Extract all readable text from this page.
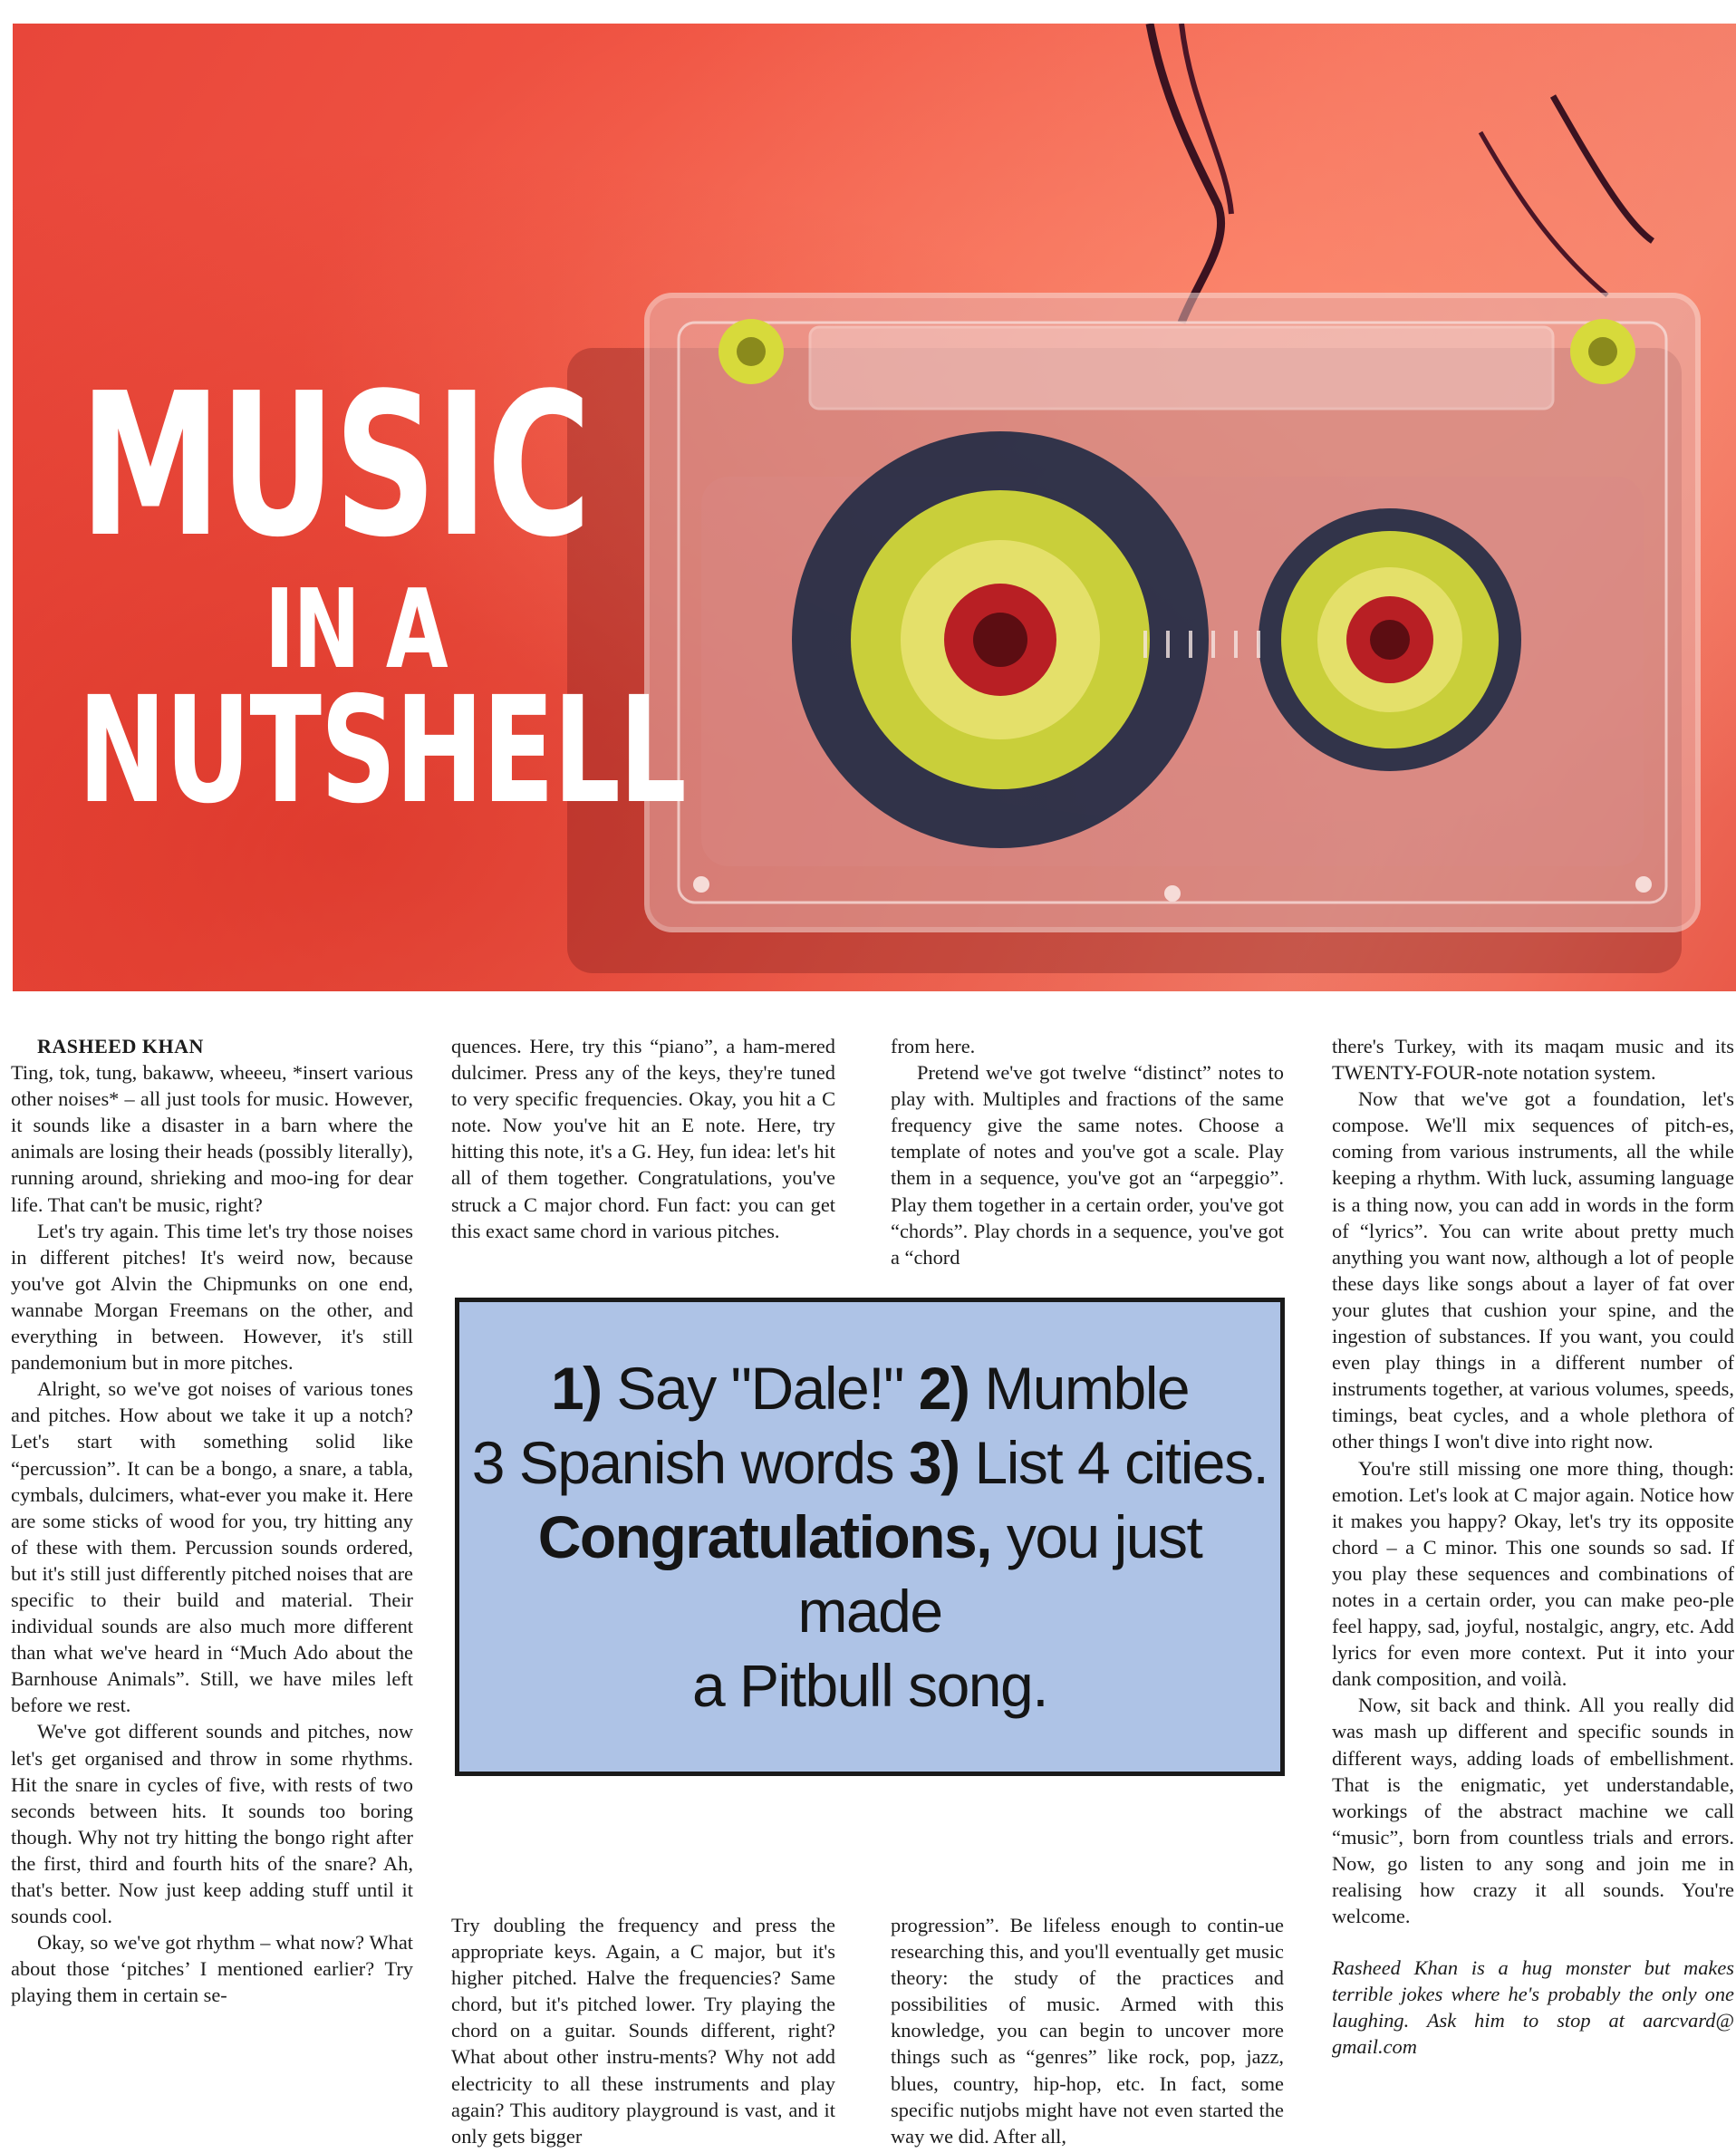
MUSIC
IN A
NUTSHELL

RASHEED KHAN

Ting, tok, tung, bakaww, wheeeu, *insert various other noises* – all just tools for music. However, it sounds like a disaster in a barn where the animals are losing their heads (possibly literally), running around, shrieking and moo-ing for dear life. That can't be music, right?

Let's try again. This time let's try those noises in different pitches! It's weird now, because you've got Alvin the Chipmunks on one end, wannabe Morgan Freemans on the other, and everything in between. However, it's still pandemonium but in more pitches.

Alright, so we've got noises of various tones and pitches. How about we take it up a notch? Let's start with something solid like “percussion”. It can be a bongo, a snare, a tabla, cymbals, dulcimers, what-ever you make it. Here are some sticks of wood for you, try hitting any of these with them. Percussion sounds ordered, but it's still just differently pitched noises that are specific to their build and material. Their individual sounds are also much more different than what we've heard in “Much Ado about the Barnhouse Animals”. Still, we have miles left before we rest.

We've got different sounds and pitches, now let's get organised and throw in some rhythms. Hit the snare in cycles of five, with rests of two seconds between hits. It sounds too boring though. Why not try hitting the bongo right after the first, third and fourth hits of the snare? Ah, that's better. Now just keep adding stuff until it sounds cool.

Okay, so we've got rhythm – what now? What about those ‘pitches’ I mentioned earlier? Try playing them in certain se-

quences. Here, try this “piano”, a ham-mered dulcimer. Press any of the keys, they're tuned to very specific frequencies. Okay, you hit a C note. Now you've hit an E note. Here, try hitting this note, it's a G. Hey, fun idea: let's hit all of them together. Congratulations, you've struck a C major chord. Fun fact: you can get this exact same chord in various pitches.

Try doubling the frequency and press the appropriate keys. Again, a C major, but it's higher pitched. Halve the frequencies? Same chord, but it's pitched lower. Try playing the chord on a guitar. Sounds different, right? What about other instru-ments? Why not add electricity to all these instruments and play again? This auditory playground is vast, and it only gets bigger

from here.

Pretend we've got twelve “distinct” notes to play with. Multiples and fractions of the same frequency give the same notes. Choose a template of notes and you've got a scale. Play them in a sequence, you've got an “arpeggio”. Play them together in a certain order, you've got “chords”. Play chords in a sequence, you've got a “chord

progression”. Be lifeless enough to contin-ue researching this, and you'll eventually get music theory: the study of the practices and possibilities of music. Armed with this knowledge, you can begin to uncover more things such as “genres” like rock, pop, jazz, blues, country, hip-hop, etc. In fact, some specific nutjobs might have not even started the way we did. After all,

there's Turkey, with its maqam music and its TWENTY-FOUR-note notation system.

Now that we've got a foundation, let's compose. We'll mix sequences of pitch-es, coming from various instruments, all the while keeping a rhythm. With luck, assuming language is a thing now, you can add in words in the form of “lyrics”. You can write about pretty much anything you want now, although a lot of people these days like songs about a layer of fat over your glutes that cushion your spine, and the ingestion of substances. If you want, you could even play things in a different number of instruments together, at various volumes, speeds, timings, beat cycles, and a whole plethora of other things I won't dive into right now.

You're still missing one more thing, though: emotion. Let's look at C major again. Notice how it makes you happy? Okay, let's try its opposite chord – a C minor. This one sounds so sad. If you play these sequences and combinations of notes in a certain order, you can make peo-ple feel happy, sad, joyful, nostalgic, angry, etc. Add lyrics for even more context. Put it into your dank composition, and voilà.

Now, sit back and think. All you really did was mash up different and specific sounds in different ways, adding loads of embellishment. That is the enigmatic, yet understandable, workings of the abstract machine we call “music”, born from countless trials and errors. Now, go listen to any song and join me in realising how crazy it all sounds. You're welcome.

Rasheed Khan is a hug monster but makes terrible jokes where he's probably the only one laughing. Ask him to stop at aarcvard@ gmail.com

1) Say "Dale!" 2) Mumble
3 Spanish words 3) List 4 cities.
Congratulations, you just made
a Pitbull song.
